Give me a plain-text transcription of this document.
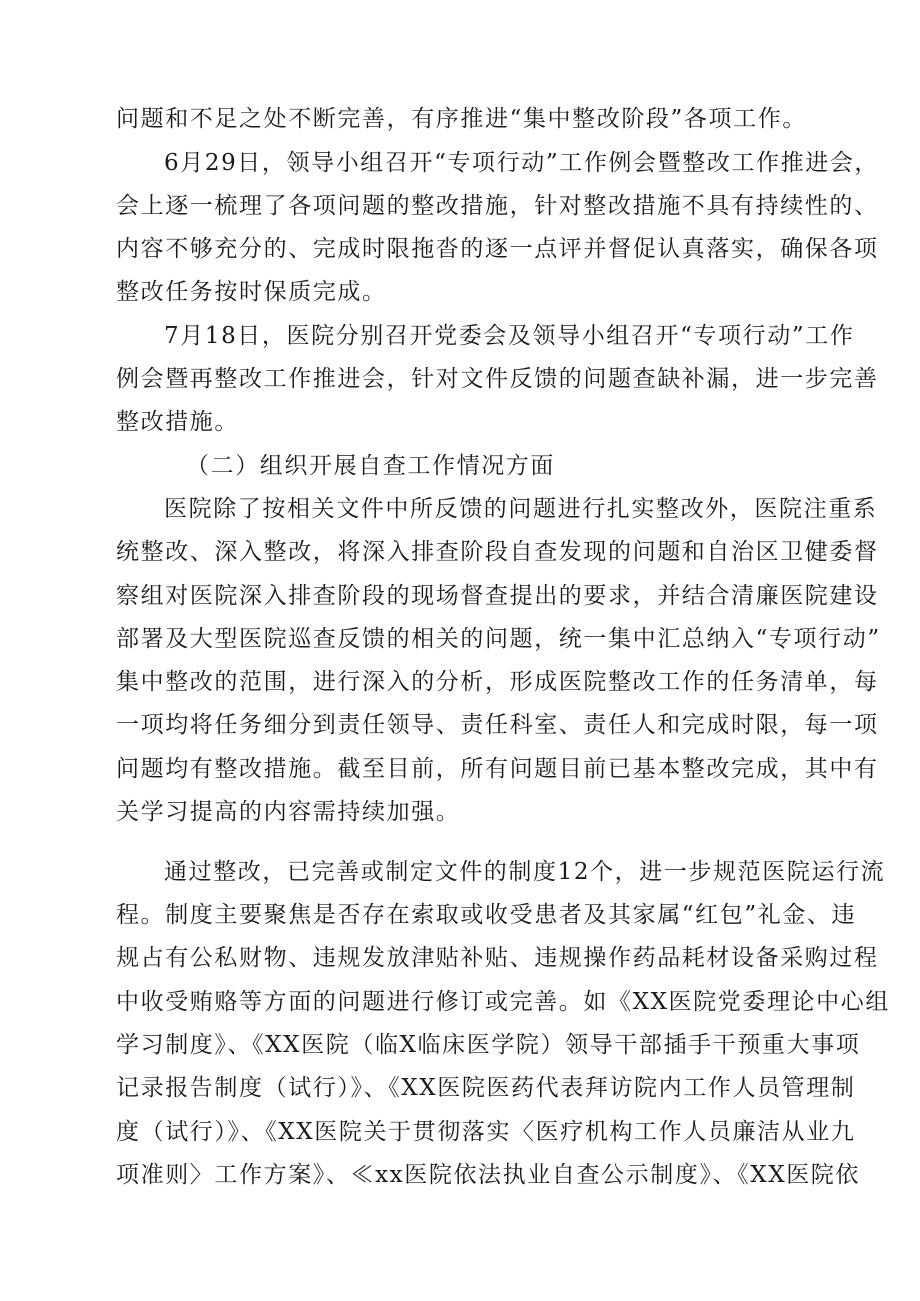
问题和不足之处不断完善，有序推进“集中整改阶段”各项工作。
6月29日，领导小组召开“专项行动”工作例会暨整改工作推进会，
会上逐一梳理了各项问题的整改措施，针对整改措施不具有持续性的、
内容不够充分的、完成时限拖沓的逐一点评并督促认真落实，确保各项
整改任务按时保质完成。
7月18日，医院分别召开党委会及领导小组召开“专项行动”工作
例会暨再整改工作推进会，针对文件反馈的问题查缺补漏，进一步完善
整改措施。
（二）组织开展自查工作情况方面
医院除了按相关文件中所反馈的问题进行扎实整改外，医院注重系
统整改、深入整改，将深入排查阶段自查发现的问题和自治区卫健委督
察组对医院深入排查阶段的现场督查提出的要求，并结合清廉医院建设
部署及大型医院巡查反馈的相关的问题，统一集中汇总纳入“专项行动”
集中整改的范围，进行深入的分析，形成医院整改工作的任务清单，每
一项均将任务细分到责任领导、责任科室、责任人和完成时限，每一项
问题均有整改措施。截至目前，所有问题目前已基本整改完成，其中有
关学习提高的内容需持续加强。
通过整改，已完善或制定文件的制度12个，进一步规范医院运行流
程。制度主要聚焦是否存在索取或收受患者及其家属“红包”礼金、违
规占有公私财物、违规发放津贴补贴、违规操作药品耗材设备采购过程
中收受贿赂等方面的问题进行修订或完善。如《XX医院党委理论中心组
学习制度》、《XX医院（临X临床医学院）领导干部插手干预重大事项
记录报告制度（试行）》、《XX医院医药代表拜访院内工作人员管理制
度（试行）》、《XX医院关于贯彻落实〈医疗机构工作人员廉洁从业九
项准则〉工作方案》、≪xx医院依法执业自查公示制度》、《XX医院依
